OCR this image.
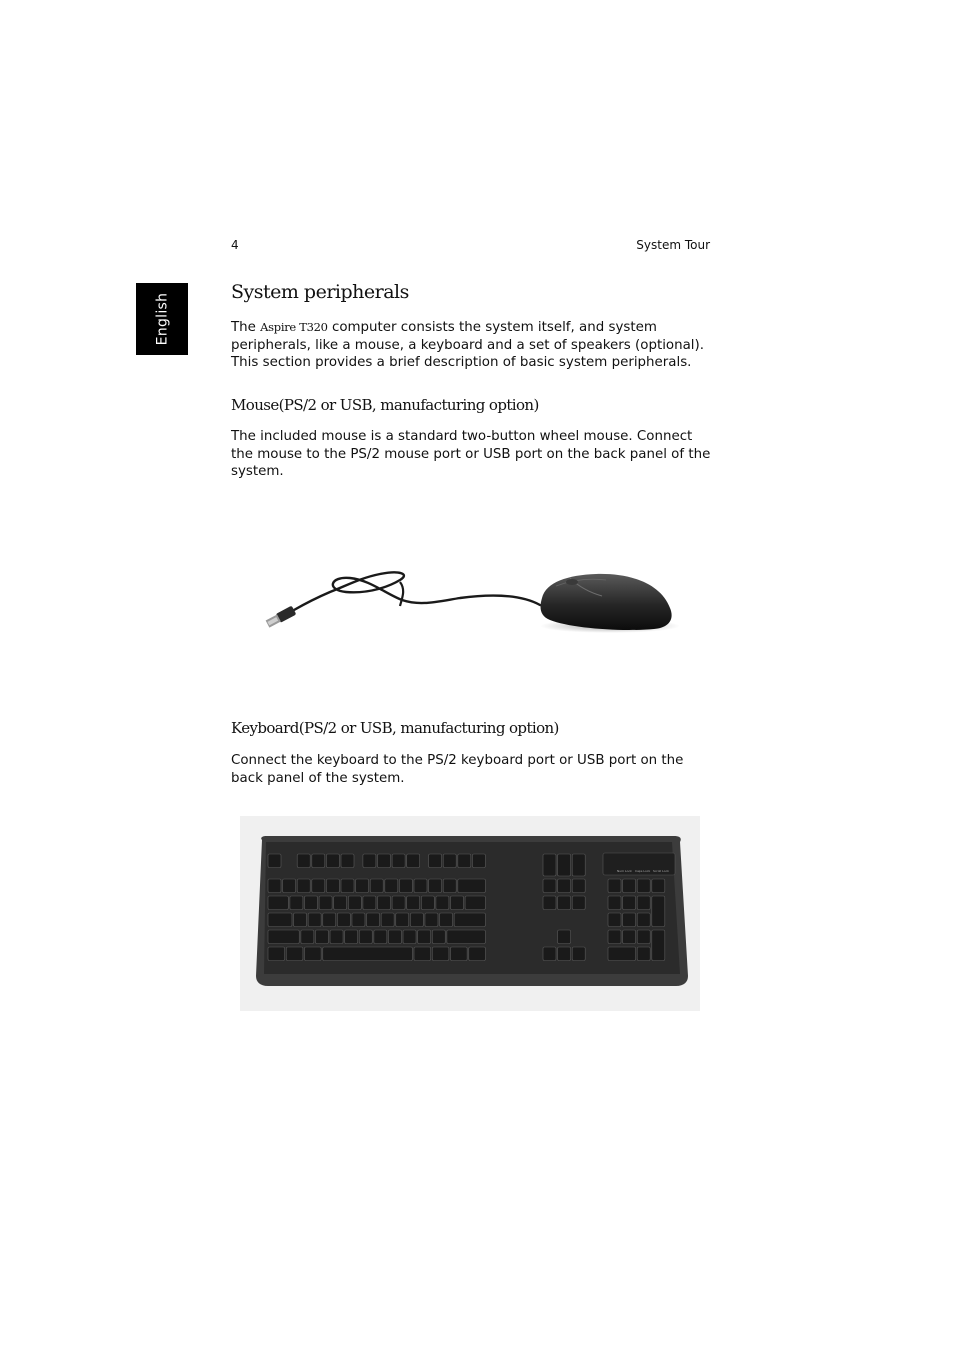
4	System Tour
English
System peripherals

The Aspire T320 computer consists the system itself, and system peripherals, like a mouse, a keyboard and a set of speakers (optional). This section provides a brief description of basic system peripherals.

Mouse(PS/2 or USB, manufacturing option)

The included mouse is a standard two-button wheel mouse. Connect the mouse to the PS/2 mouse port or USB port on the back panel of the system.

Keyboard(PS/2 or USB, manufacturing option)

Connect the keyboard to the PS/2 keyboard port or USB port on the back panel of the system.

Num Lock Caps Lock Scroll Lock
